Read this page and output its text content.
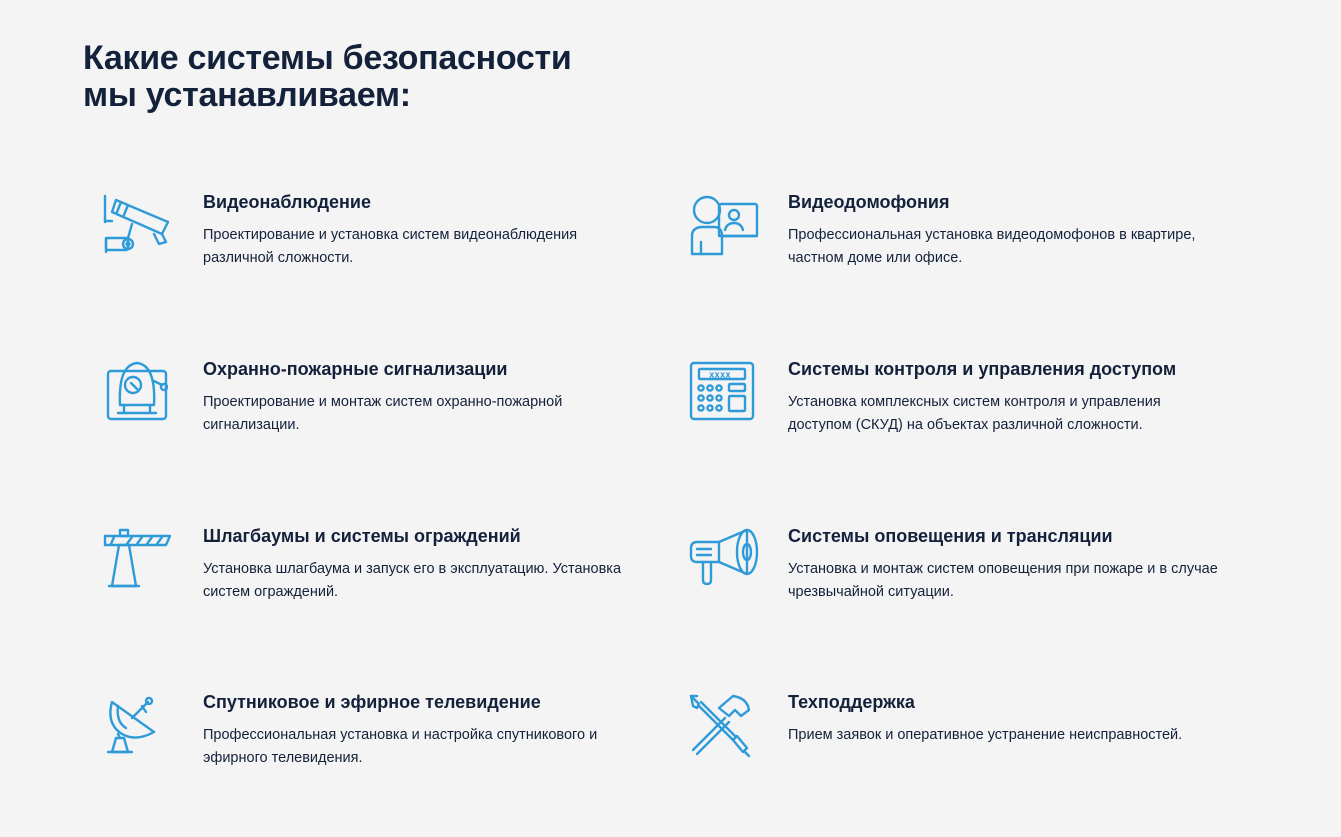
Какие системы безопасности
мы устанавливаем:
Видеонаблюдение

Проектирование и установка систем видеонаблюдения различной сложности.

Видеодомофония

Профессиональная установка видеодомофонов в квартире, частном доме или офисе.

Охранно-пожарные сигнализации

Проектирование и монтаж систем охранно-пожарной сигнализации.

xxxx	Системы контроля и управления доступом

Установка комплексных систем контроля и управления доступом (СКУД) на объектах различной сложности.

Шлагбаумы и системы ограждений

Установка шлагбаума и запуск его в эксплуатацию. Установка систем ограждений.

Системы оповещения и трансляции

Установка и монтаж систем оповещения при пожаре и в случае чрезвычайной ситуации.

Спутниковое и эфирное телевидение

Профессиональная установка и настройка спутникового и эфирного телевидения.

Техподдержка

Прием заявок и оперативное устранение неисправностей.
